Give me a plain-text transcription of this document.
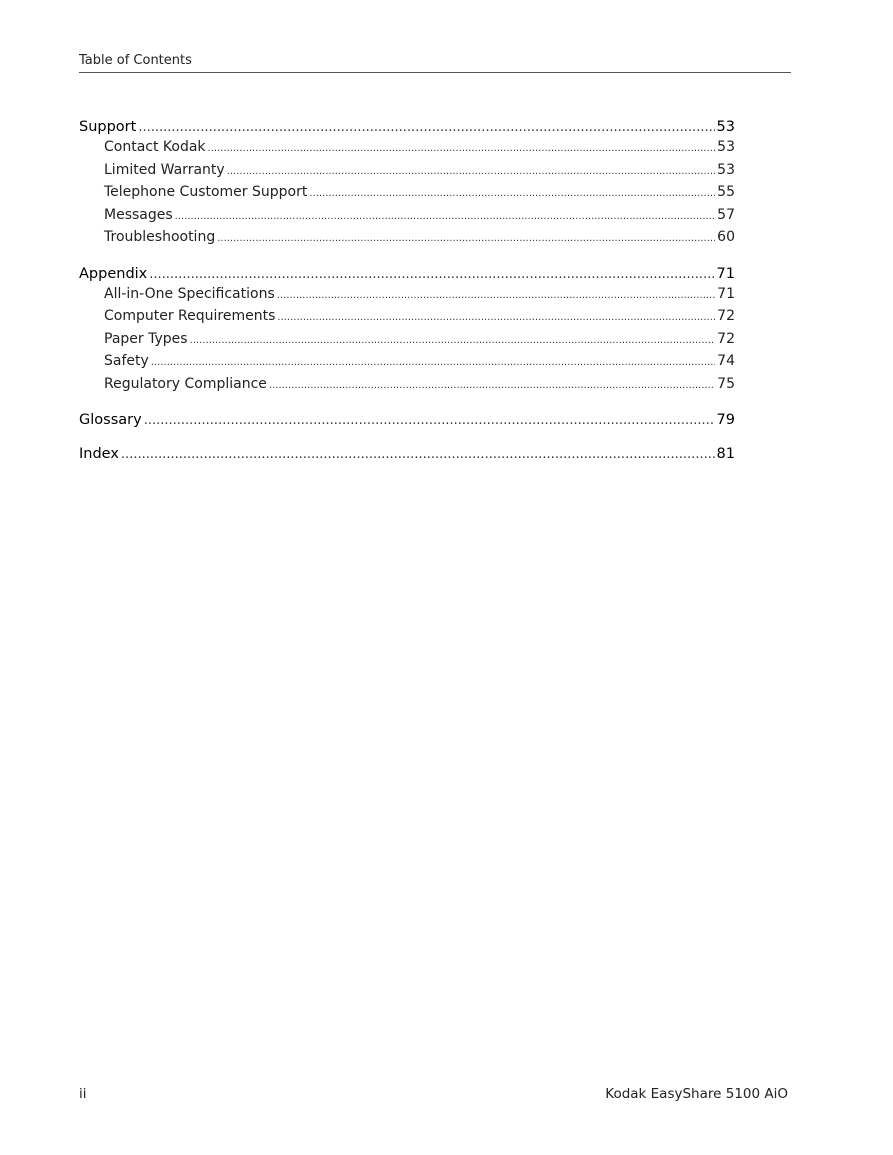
Table of Contents
Support .....	53
Contact Kodak .....	53
Limited Warranty .....	53
Telephone Customer Support .....	55
Messages .....	57
Troubleshooting .....	60
Appendix .....	71
All-in-One Specifications .....	71
Computer Requirements .....	72
Paper Types .....	72
Safety .....	74
Regulatory Compliance .....	75
Glossary .....	79
Index .....	81
ii	Kodak EasyShare 5100 AiO
